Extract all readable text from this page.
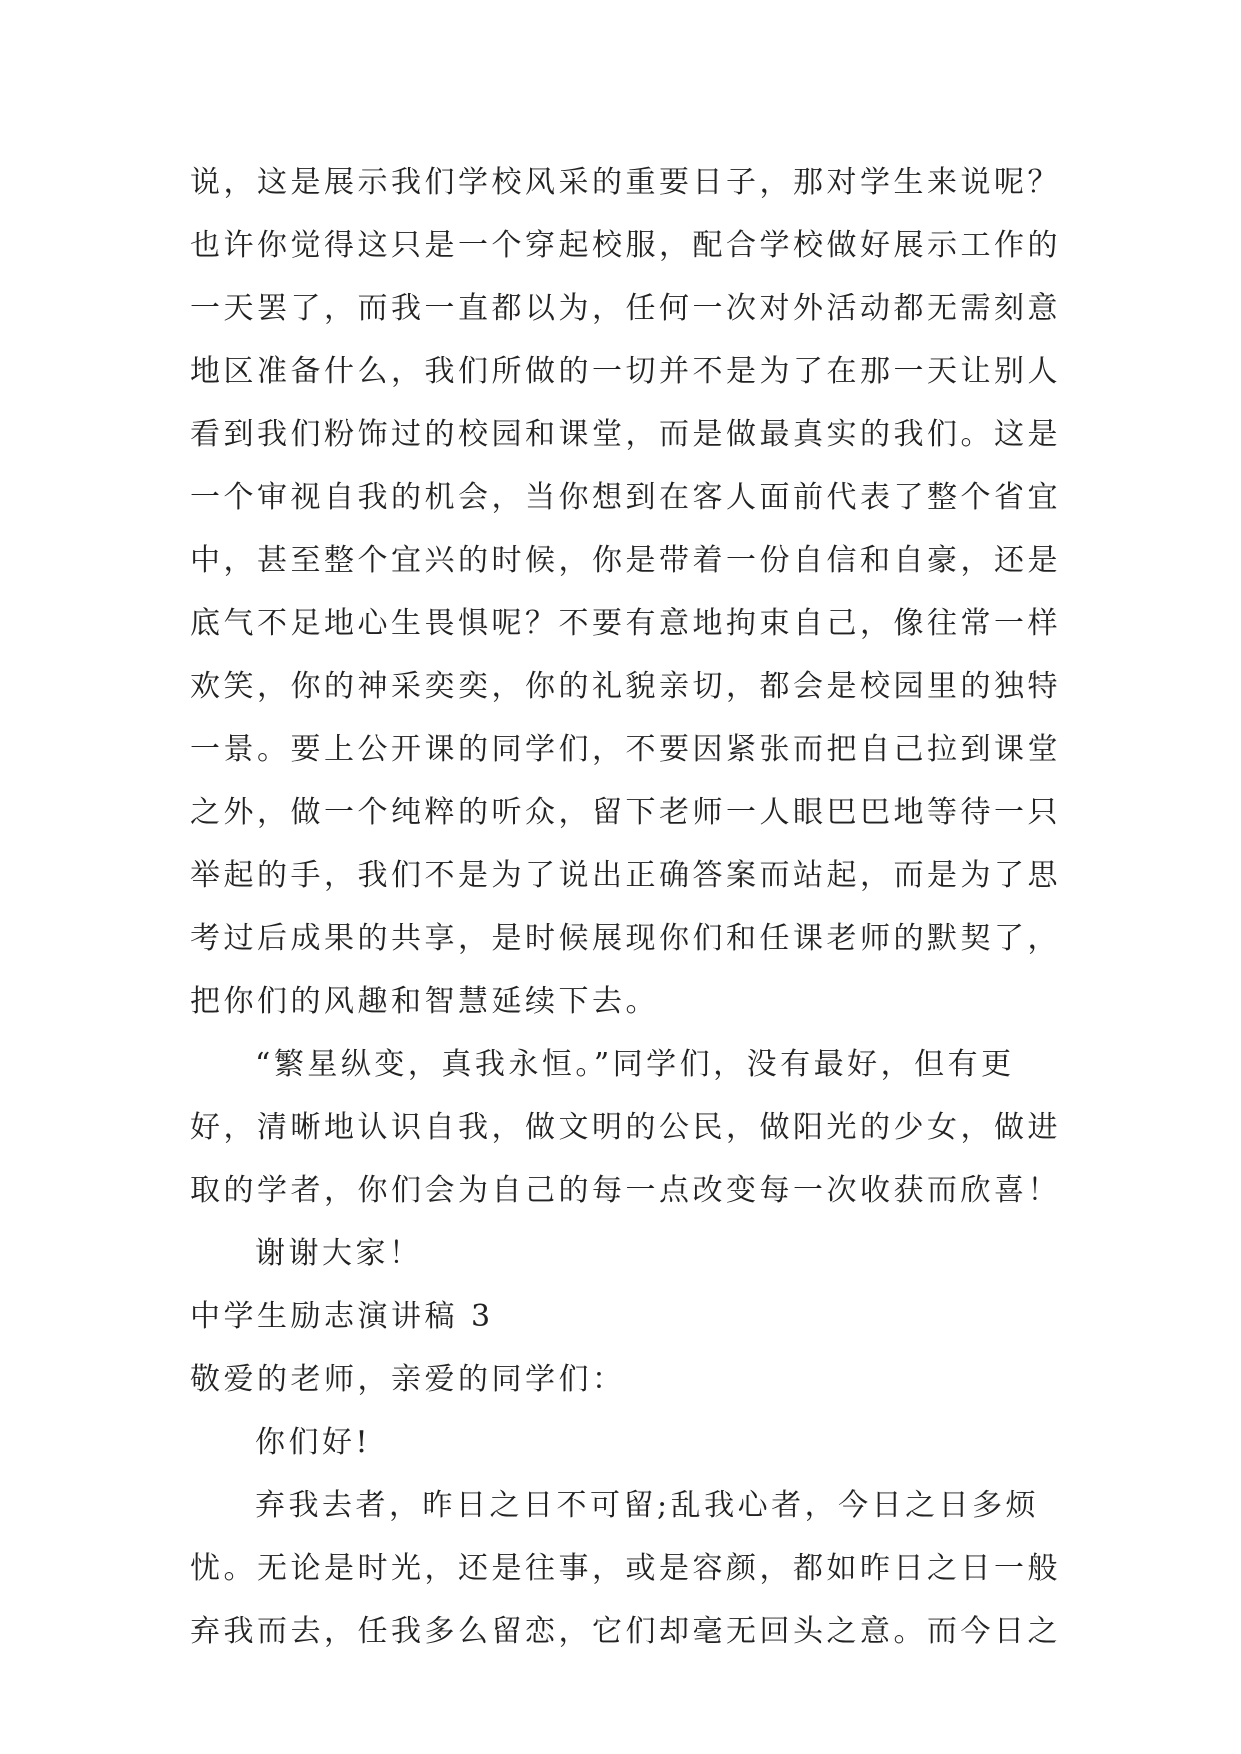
说，这是展示我们学校风采的重要日子，那对学生来说呢？
也许你觉得这只是一个穿起校服，配合学校做好展示工作的
一天罢了，而我一直都以为，任何一次对外活动都无需刻意
地区准备什么，我们所做的一切并不是为了在那一天让别人
看到我们粉饰过的校园和课堂，而是做最真实的我们。这是
一个审视自我的机会，当你想到在客人面前代表了整个省宜
中，甚至整个宜兴的时候，你是带着一份自信和自豪，还是
底气不足地心生畏惧呢？不要有意地拘束自己，像往常一样
欢笑，你的神采奕奕，你的礼貌亲切，都会是校园里的独特
一景。要上公开课的同学们，不要因紧张而把自己拉到课堂
之外，做一个纯粹的听众，留下老师一人眼巴巴地等待一只
举起的手，我们不是为了说出正确答案而站起，而是为了思
考过后成果的共享，是时候展现你们和任课老师的默契了，
把你们的风趣和智慧延续下去。
“繁星纵变，真我永恒。”同学们，没有最好，但有更
好，清晰地认识自我，做文明的公民，做阳光的少女，做进
取的学者，你们会为自己的每一点改变每一次收获而欣喜！
谢谢大家！
中学生励志演讲稿 3
敬爱的老师，亲爱的同学们：
你们好!
弃我去者，昨日之日不可留;乱我心者，今日之日多烦
忧。无论是时光，还是往事，或是容颜，都如昨日之日一般
弃我而去，任我多么留恋，它们却毫无回头之意。而今日之
